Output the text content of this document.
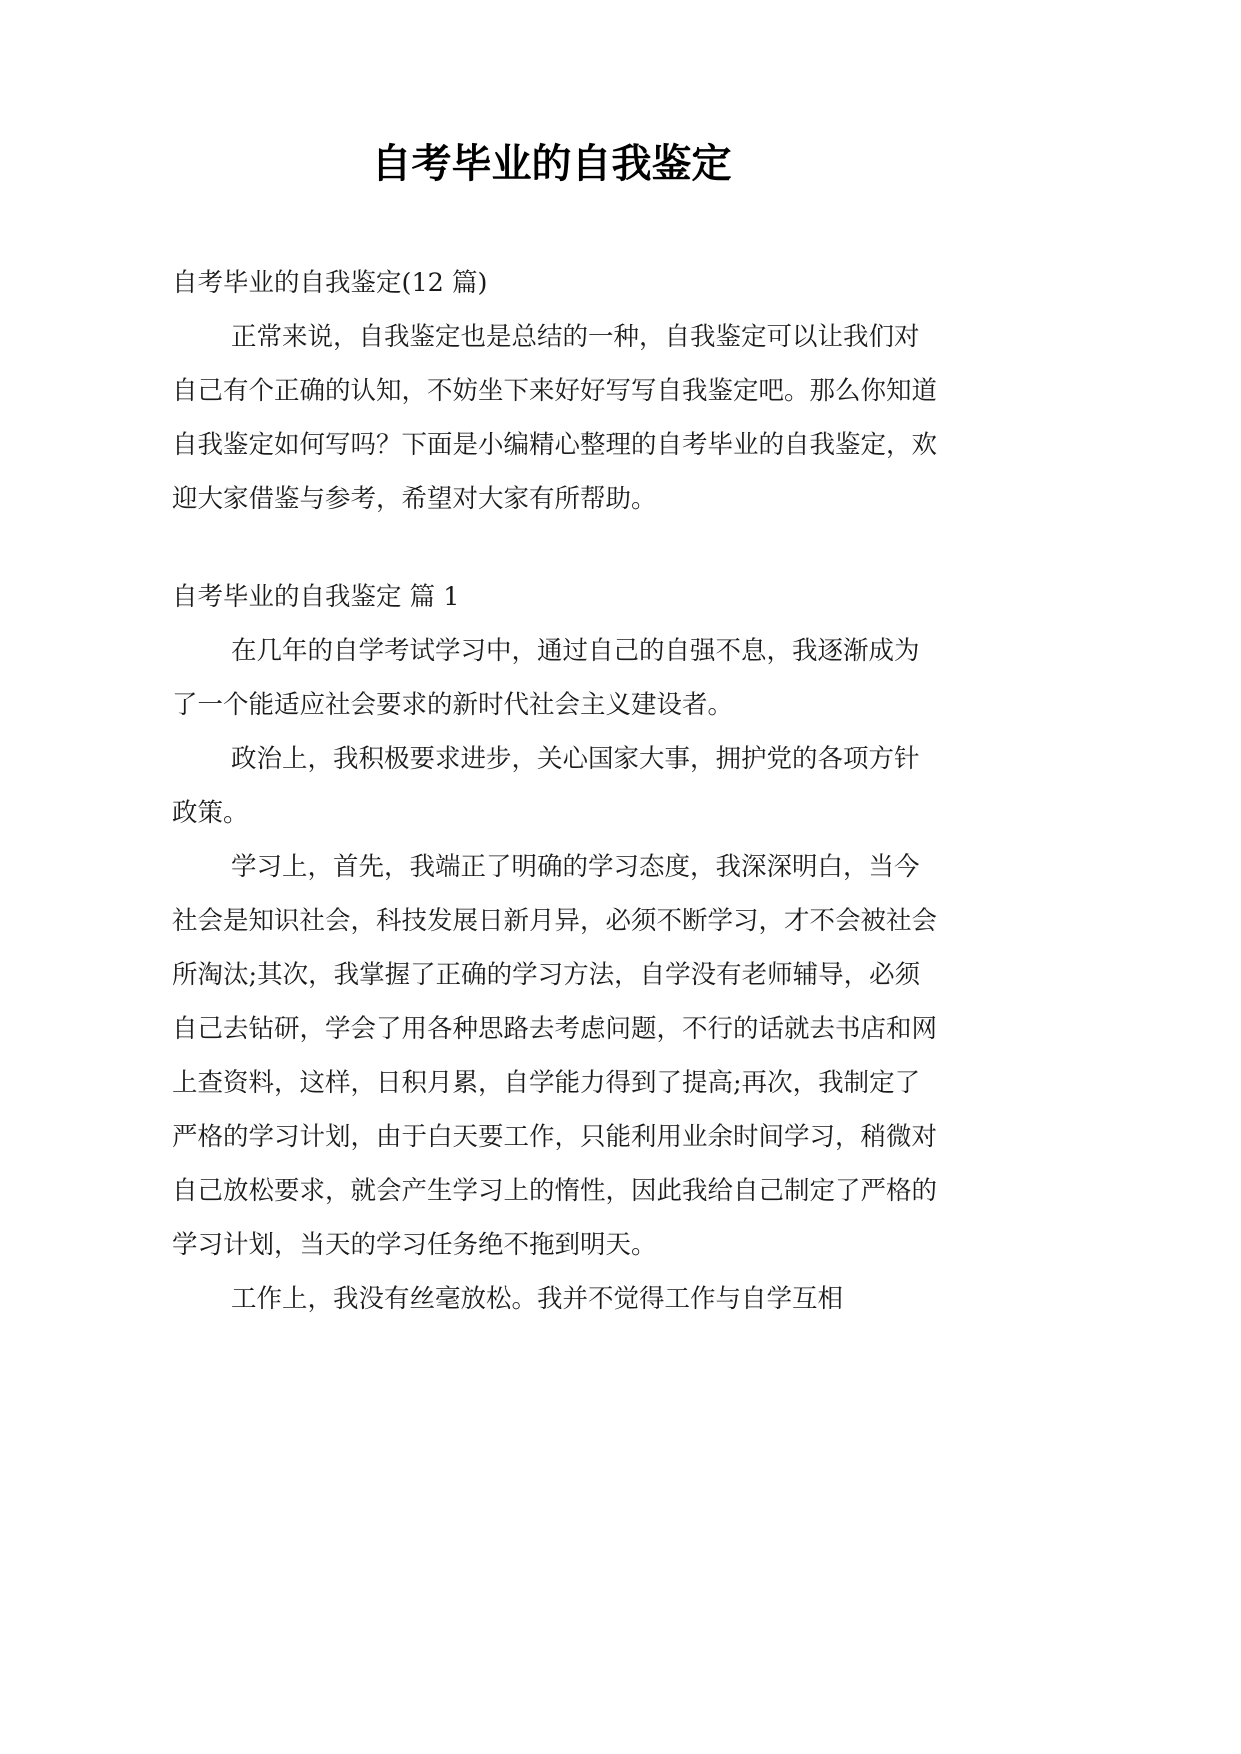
自考毕业的自我鉴定

自考毕业的自我鉴定(12 篇)

正常来说，自我鉴定也是总结的一种，自我鉴定可以让我们对自己有个正确的认知，不妨坐下来好好写写自我鉴定吧。那么你知道自我鉴定如何写吗？下面是小编精心整理的自考毕业的自我鉴定，欢迎大家借鉴与参考，希望对大家有所帮助。

自考毕业的自我鉴定 篇 1

在几年的自学考试学习中，通过自己的自强不息，我逐渐成为了一个能适应社会要求的新时代社会主义建设者。

政治上，我积极要求进步，关心国家大事，拥护党的各项方针政策。

学习上，首先，我端正了明确的学习态度，我深深明白，当今社会是知识社会，科技发展日新月异，必须不断学习，才不会被社会所淘汰;其次，我掌握了正确的学习方法，自学没有老师辅导，必须自己去钻研，学会了用各种思路去考虑问题，不行的话就去书店和网上查资料，这样，日积月累，自学能力得到了提高;再次，我制定了严格的学习计划，由于白天要工作，只能利用业余时间学习，稍微对自己放松要求，就会产生学习上的惰性，因此我给自己制定了严格的学习计划，当天的学习任务绝不拖到明天。

工作上，我没有丝毫放松。我并不觉得工作与自学互相
